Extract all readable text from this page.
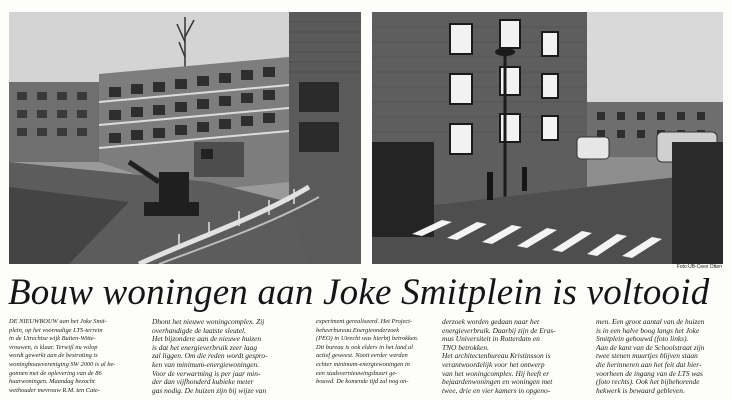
Foto UB-Cees Otten
Bouw woningen aan Joke Smitplein is voltooid
DE NIEUWBOUW aan het Joke Smit-
plein, op het voormalige LTS-terrein
in de Utrechtse wijk Buiten-Witte-
vrouwen, is klaar. Terwijl nu volop
wordt gewerkt aan de bestrating is
woningbouwvereniging SW 2000 is al be-
gonnen met de oplevering van de 86
huurwoningen. Maandag bezocht
wethouder mevrouw R.M. ten Cate-
Dhont het nieuwe woningcomplex. Zij
overhandigde de laatste sleutel.
Het bijzondere aan de nieuwe huizen
is dat het energieverbruik zeer laag
zal liggen. Om die reden wordt gespro-
ken van minimum-energiewoningen.
Voor de verwarming is per jaar min-
der dan vijfhonderd kubieke meter
gas nodig. De huizen zijn bij wijze van
experiment gerealiseerd. Het Project-
beheerbureau Energieonderzoek
(PEO) in Utrecht was hierbij betrokken.
Dit bureau is ook elders in het land al
actief geweest. Nooit eerder werden
echter minimum-energiewoningen in
een stadsvernieuwingsbuurt ge-
bouwd. De komende tijd zal nog on-
derzoek worden gedaan naar het
energieverbruik. Daarbij zijn de Eras-
mus Universiteit in Rotterdam en
TNO betrokken.
Het architectenbureau Kristinsson is
verantwoordelijk voor het ontwerp
van het woningcomplex. Hij heeft er
bejaardenwoningen en woningen met
twee, drie en vier kamers in opgeno-
men. Een groot aantal van de huizen
is in een halve boog langs het Joke
Smitplein gebouwd (foto links).
Aan de kant van de Schoolstraat zijn
twee stenen muurtjes blijven staan
die herinneren aan het feit dat hier-
voorheen de ingang van de LTS was
(foto rechts). Ook het bijbehorende
hekwerk is bewaard gebleven.
